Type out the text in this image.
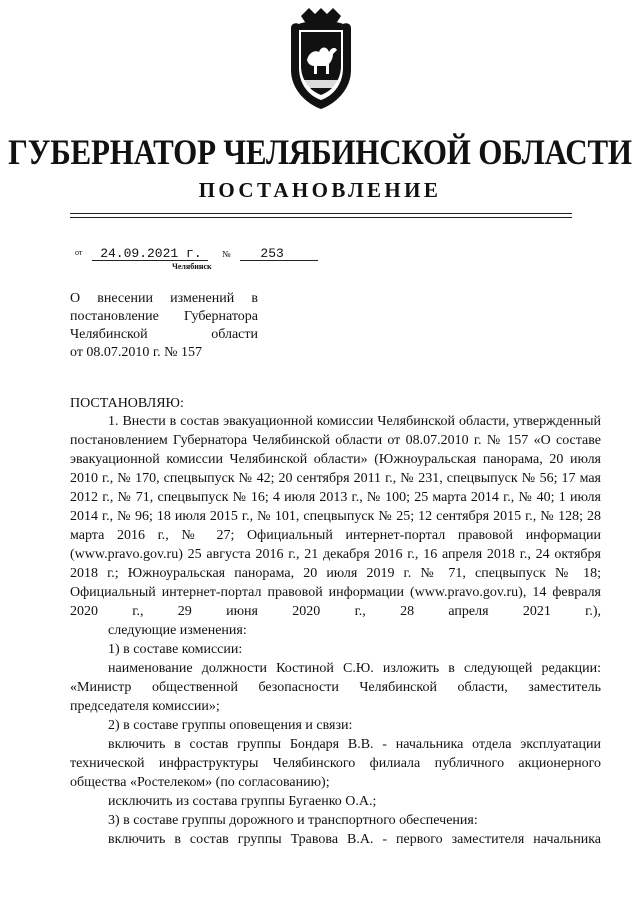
ГУБЕРНАТОР ЧЕЛЯБИНСКОЙ ОБЛАСТИ
ПОСТАНОВЛЕНИЕ
от 24.09.2021 г. № 253
Челябинск
О внесении изменений в
постановление Губернатора
Челябинской области
от 08.07.2010 г. № 157
ПОСТАНОВЛЯЮ:

1. Внести в состав эвакуационной комиссии Челябинской области, утвержденный постановлением Губернатора Челябинской области от 08.07.2010 г. № 157 «О составе эвакуационной комиссии Челябинской области» (Южноуральская панорама, 20 июля 2010 г., № 170, спецвыпуск № 42; 20 сентября 2011 г., № 231, спецвыпуск № 56; 17 мая 2012 г., № 71, спецвыпуск № 16; 4 июля 2013 г., № 100; 25 марта 2014 г., № 40; 1 июля 2014 г., № 96; 18 июля 2015 г., № 101, спецвыпуск № 25; 12 сентября 2015 г., № 128; 28 марта 2016 г., № 27; Официальный интернет-портал правовой информации (www.pravo.gov.ru) 25 августа 2016 г., 21 декабря 2016 г., 16 апреля 2018 г., 24 октября 2018 г.; Южноуральская панорама, 20 июля 2019 г. № 71, спецвыпуск № 18; Официальный интернет-портал правовой информации (www.pravo.gov.ru), 14 февраля 2020 г., 29 июня 2020 г., 28 апреля 2021 г.),

следующие изменения:

1) в составе комиссии:

наименование должности Костиной С.Ю. изложить в следующей редакции:

«Министр общественной безопасности Челябинской области, заместитель

председателя комиссии»;

2) в составе группы оповещения и связи:

включить в состав группы Бондаря В.В. - начальника отдела эксплуатации

технической инфраструктуры Челябинского филиала публичного акционерного

общества «Ростелеком» (по согласованию);

исключить из состава группы Бугаенко О.А.;

3) в составе группы дорожного и транспортного обеспечения:

включить в состав группы Травова В.А. - первого заместителя начальника
